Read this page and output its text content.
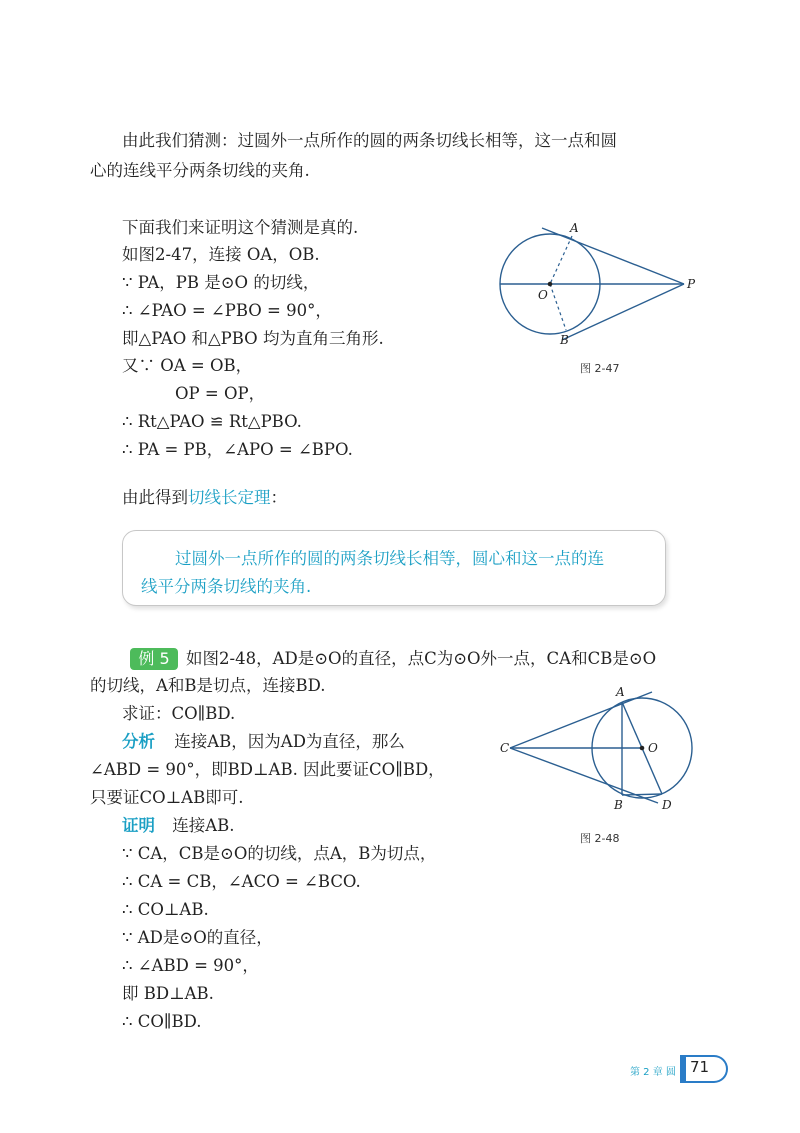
由此我们猜测：过圆外一点所作的圆的两条切线长相等，这一点和圆
心的连线平分两条切线的夹角.
下面我们来证明这个猜测是真的.
如图2-47，连接 OA，OB.
∵ PA，PB 是⊙O 的切线，
∴ ∠PAO = ∠PBO = 90°，
即△PAO 和△PBO 均为直角三角形.
又∵ OA = OB，
OP = OP，
∴ Rt△PAO ≌ Rt△PBO.
∴ PA = PB，∠APO = ∠BPO.
A
B
O
P
图 2-47
由此得到切线长定理：
过圆外一点所作的圆的两条切线长相等，圆心和这一点的连
线平分两条切线的夹角.
例 5 如图2-48，AD是⊙O的直径，点C为⊙O外一点，CA和CB是⊙O
的切线，A和B是切点，连接BD.
求证：CO∥BD.
分析 连接AB，因为AD为直径，那么
∠ABD = 90°，即BD⊥AB. 因此要证CO∥BD，
只要证CO⊥AB即可.
证明 连接AB.
∵ CA，CB是⊙O的切线，点A，B为切点，
∴ CA = CB，∠ACO = ∠BCO.
∴ CO⊥AB.
∵ AD是⊙O的直径，
∴ ∠ABD = 90°，
即 BD⊥AB.
∴ CO∥BD.
A
B
C
D
O
图 2-48
第 2 章 圆 71
